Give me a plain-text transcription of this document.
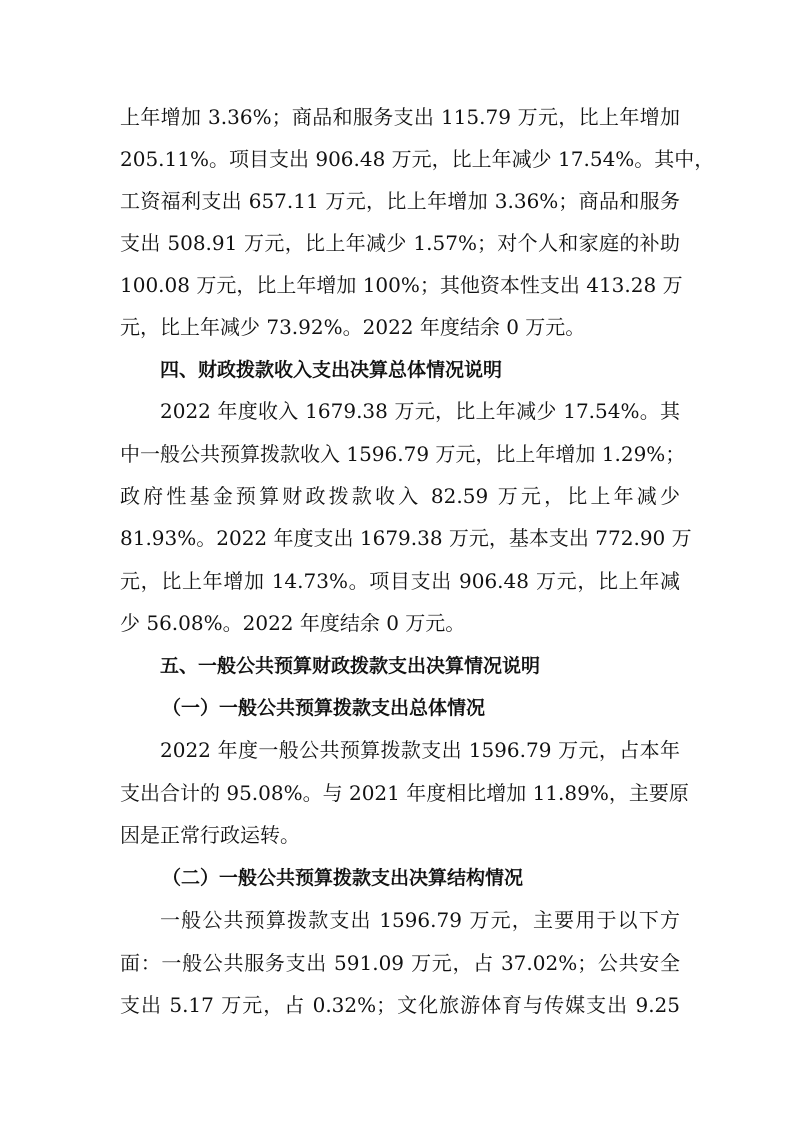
上年增加 3.36%；商品和服务支出 115.79 万元，比上年增加
205.11%。项目支出 906.48 万元，比上年减少 17.54%。其中，
工资福利支出 657.11 万元，比上年增加 3.36%；商品和服务
支出 508.91 万元，比上年减少 1.57%；对个人和家庭的补助
100.08 万元，比上年增加 100%；其他资本性支出 413.28 万
元，比上年减少 73.92%。2022 年度结余 0 万元。
四、财政拨款收入支出决算总体情况说明
2022 年度收入 1679.38 万元，比上年减少 17.54%。其
中一般公共预算拨款收入 1596.79 万元，比上年增加 1.29%；
政府性基金预算财政拨款收入 82.59 万元，比上年减少
81.93%。2022 年度支出 1679.38 万元，基本支出 772.90 万
元，比上年增加 14.73%。项目支出 906.48 万元，比上年减
少 56.08%。2022 年度结余 0 万元。
五、一般公共预算财政拨款支出决算情况说明
（一）一般公共预算拨款支出总体情况
2022 年度一般公共预算拨款支出 1596.79 万元，占本年
支出合计的 95.08%。与 2021 年度相比增加 11.89%，主要原
因是正常行政运转。
（二）一般公共预算拨款支出决算结构情况
一般公共预算拨款支出 1596.79 万元，主要用于以下方
面：一般公共服务支出 591.09 万元，占 37.02%；公共安全
支出 5.17 万元，占 0.32%；文化旅游体育与传媒支出 9.25
